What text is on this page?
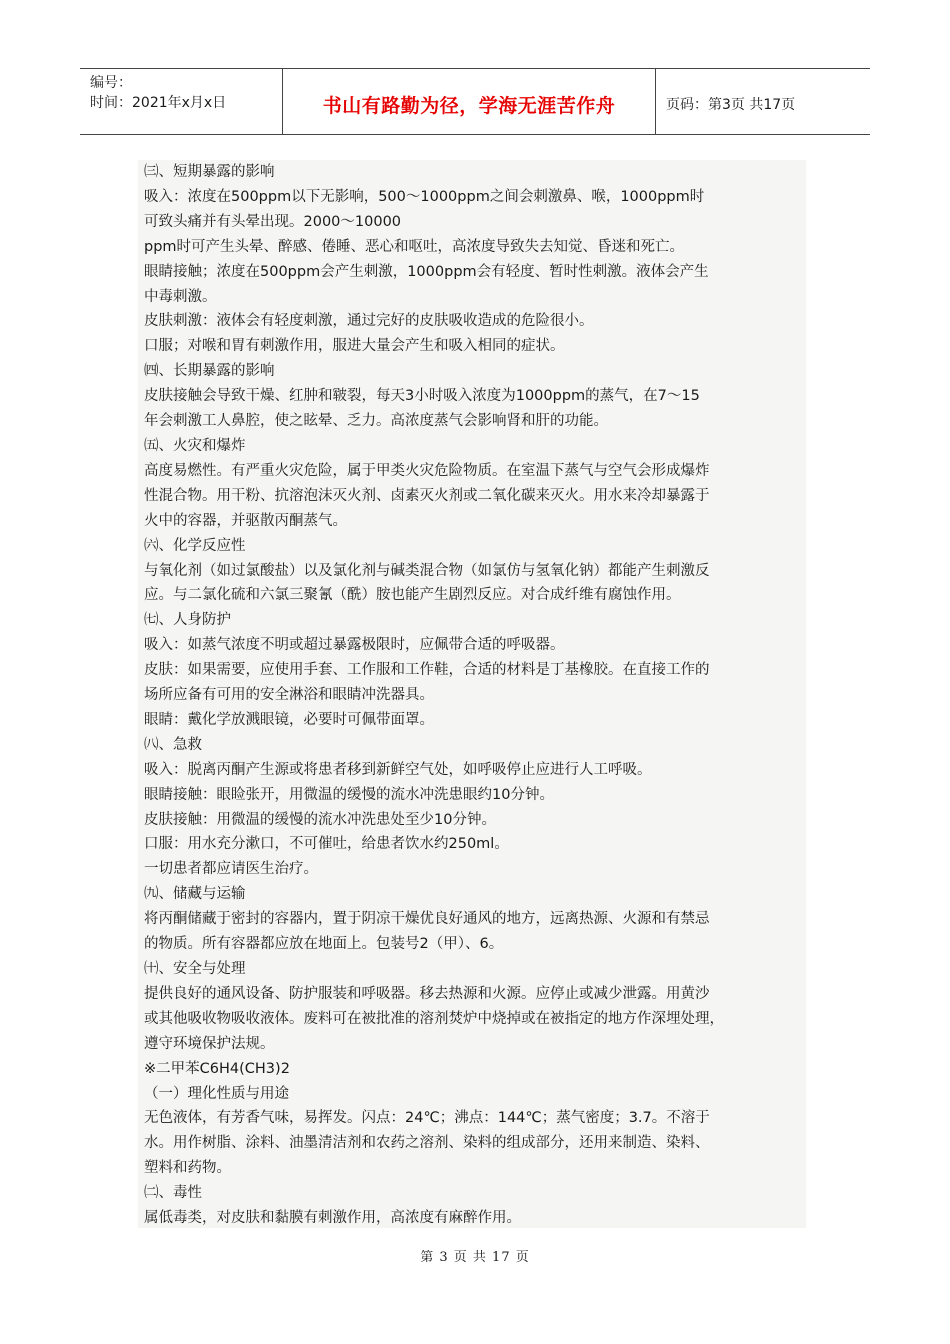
编号：
时间：2021年x月x日	书山有路勤为径，学海无涯苦作舟	页码：第3页 共17页
㈢、短期暴露的影响
吸入：浓度在500ppm以下无影响，500～1000ppm之间会刺激鼻、喉，1000ppm时
可致头痛并有头晕出现。2000～10000
ppm时可产生头晕、醉感、倦睡、恶心和呕吐，高浓度导致失去知觉、昏迷和死亡。
眼睛接触；浓度在500ppm会产生刺激，1000ppm会有轻度、暂时性刺激。液体会产生
中毒刺激。
皮肤刺激：液体会有轻度刺激，通过完好的皮肤吸收造成的危险很小。
口服；对喉和胃有刺激作用，服进大量会产生和吸入相同的症状。
㈣、长期暴露的影响
皮肤接触会导致干燥、红肿和皲裂，每天3小时吸入浓度为1000ppm的蒸气，在7～15
年会刺激工人鼻腔，使之眩晕、乏力。高浓度蒸气会影响肾和肝的功能。
㈤、火灾和爆炸
高度易燃性。有严重火灾危险，属于甲类火灾危险物质。在室温下蒸气与空气会形成爆炸
性混合物。用干粉、抗溶泡沫灭火剂、卤素灭火剂或二氧化碳来灭火。用水来冷却暴露于
火中的容器，并驱散丙酮蒸气。
㈥、化学反应性
与氧化剂（如过氯酸盐）以及氯化剂与碱类混合物（如氯仿与氢氧化钠）都能产生刺激反
应。与二氯化硫和六氯三聚氰（酰）胺也能产生剧烈反应。对合成纤维有腐蚀作用。
㈦、人身防护
吸入：如蒸气浓度不明或超过暴露极限时，应佩带合适的呼吸器。
皮肤：如果需要，应使用手套、工作服和工作鞋，合适的材料是丁基橡胶。在直接工作的
场所应备有可用的安全淋浴和眼睛冲洗器具。
眼睛：戴化学放溅眼镜，必要时可佩带面罩。
㈧、急救
吸入：脱离丙酮产生源或将患者移到新鲜空气处，如呼吸停止应进行人工呼吸。
眼睛接触：眼睑张开，用微温的缓慢的流水冲洗患眼约10分钟。
皮肤接触：用微温的缓慢的流水冲洗患处至少10分钟。
口服：用水充分漱口，不可催吐，给患者饮水约250ml。
一切患者都应请医生治疗。
㈨、储藏与运输
将丙酮储藏于密封的容器内，置于阴凉干燥优良好通风的地方，远离热源、火源和有禁忌
的物质。所有容器都应放在地面上。包装号2（甲）、6。
㈩、安全与处理
提供良好的通风设备、防护服装和呼吸器。移去热源和火源。应停止或减少泄露。用黄沙
或其他吸收物吸收液体。废料可在被批准的溶剂焚炉中烧掉或在被指定的地方作深埋处理，
遵守环境保护法规。
※二甲苯C6H4(CH3)2
（一）理化性质与用途
无色液体，有芳香气味，易挥发。闪点：24℃；沸点：144℃；蒸气密度；3.7。不溶于
水。用作树脂、涂料、油墨清洁剂和农药之溶剂、染料的组成部分，还用来制造、染料、
塑料和药物。
㈡、毒性
属低毒类，对皮肤和黏膜有刺激作用，高浓度有麻醉作用。
第 3 页 共 17 页
